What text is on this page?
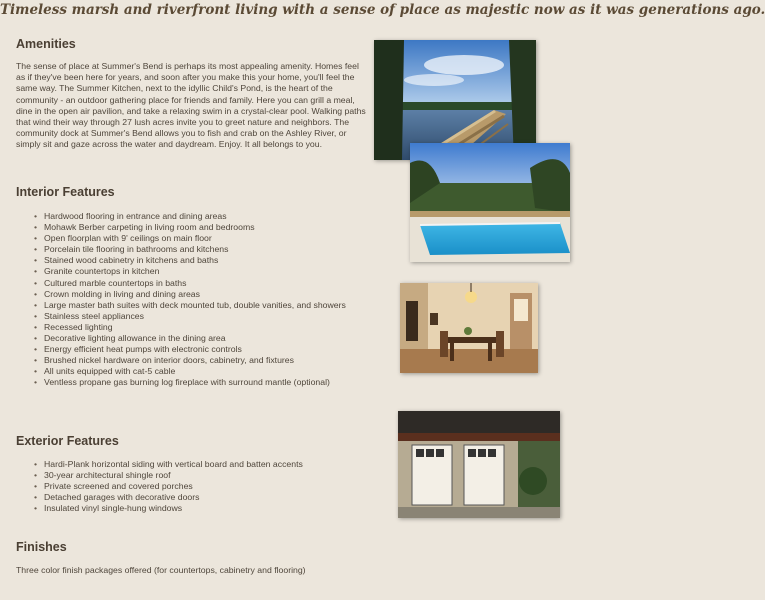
Timeless marsh and riverfront living with a sense of place as majestic now as it was generations ago.
Amenities

The sense of place at Summer's Bend is perhaps its most appealing amenity. Homes feel as if they've been here for years, and soon after you make this your home, you'll feel the same way. The Summer Kitchen, next to the idyllic Child's Pond, is the heart of the community - an outdoor gathering place for friends and family. Here you can grill a meal, dine in the open air pavilion, and take a relaxing swim in a crystal-clear pool. Walking paths that wind their way through 27 lush acres invite you to greet nature and neighbors. The community dock at Summer's Bend allows you to fish and crab on the Ashley River, or simply sit and gaze across the water and daydream. Enjoy. It all belongs to you.

Interior Features
• Hardwood flooring in entrance and dining areas
• Mohawk Berber carpeting in living room and bedrooms
• Open floorplan with 9' ceilings on main floor
• Porcelain tile flooring in bathrooms and kitchens
• Stained wood cabinetry in kitchens and baths
• Granite countertops in kitchen
• Cultured marble countertops in baths
• Crown molding in living and dining areas
• Large master bath suites with deck mounted tub, double vanities, and showers
• Stainless steel appliances
• Recessed lighting
• Decorative lighting allowance in the dining area
• Energy efficient heat pumps with electronic controls
• Brushed nickel hardware on interior doors, cabinetry, and fixtures
• All units equipped with cat-5 cable
• Ventless propane gas burning log fireplace with surround mantle (optional)
Exterior Features
• Hardi-Plank horizontal siding with vertical board and batten accents
• 30-year architectural shingle roof
• Private screened and covered porches
• Detached garages with decorative doors
• Insulated vinyl single-hung windows
Finishes

Three color finish packages offered (for countertops, cabinetry and flooring)
